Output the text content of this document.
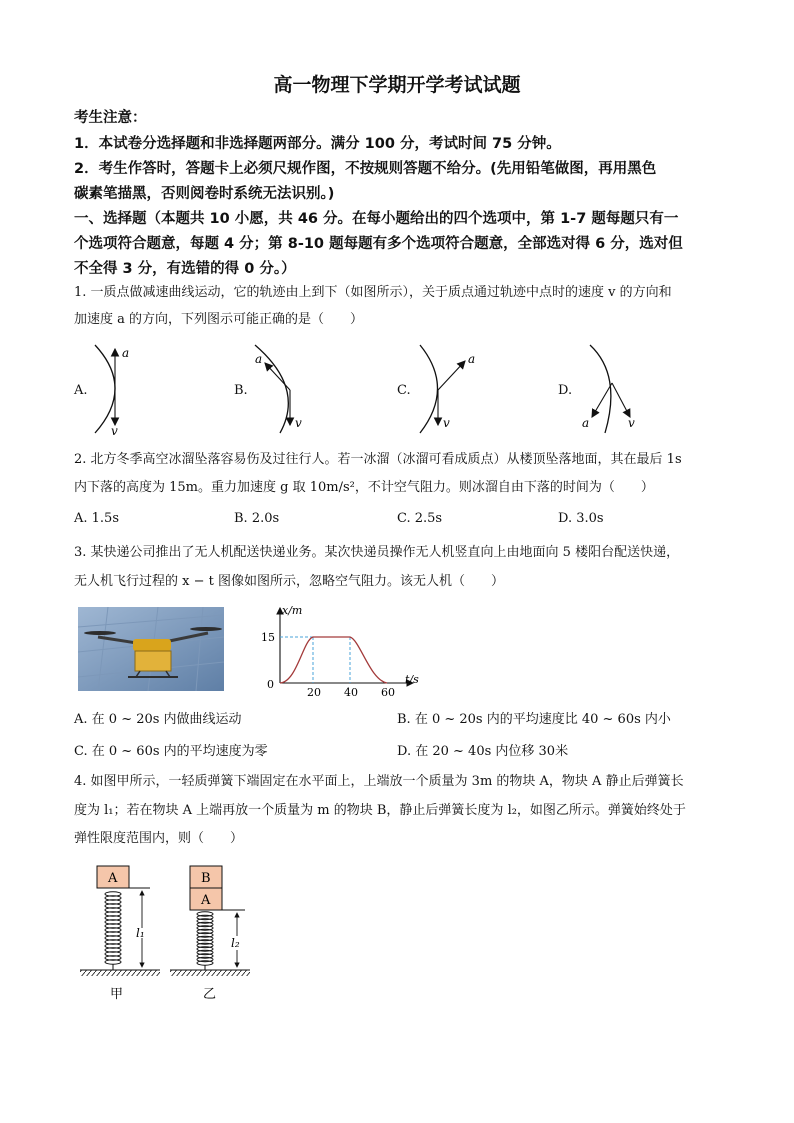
高一物理下学期开学考试试题
考生注意：
1．本试卷分选择题和非选择题两部分。满分 100 分，考试时间 75 分钟。
2．考生作答时，答题卡上必须尺规作图，不按规则答题不给分。(先用铅笔做图，再用黑色
碳素笔描黑，否则阅卷时系统无法识别。)
一、选择题（本题共 10 小愿，共 46 分。在每小题给出的四个选项中，第 1-7 题每题只有一
个选项符合题意，每题 4 分；第 8-10 题每题有多个选项符合题意，全部选对得 6 分，选对但
不全得 3 分，有选错的得 0 分。）
1. 一质点做减速曲线运动，它的轨迹由上到下（如图所示），关于质点通过轨迹中点时的速度 v 的方向和
加速度 a 的方向，下列图示可能正确的是（　　）
A.	B.	C.	D.
a
v
a
v
a
v	a	v
2. 北方冬季高空冰溜坠落容易伤及过往行人。若一冰溜（冰溜可看成质点）从楼顶坠落地面，其在最后 1s
内下落的高度为 15m。重力加速度 g 取 10m/s²，不计空气阻力。则冰溜自由下落的时间为（　　）
A. 1.5s	B. 2.0s	C. 2.5s	D. 3.0s
3. 某快递公司推出了无人机配送快递业务。某次快递员操作无人机竖直向上由地面向 5 楼阳台配送快递，
无人机飞行过程的 x − t 图像如图所示，忽略空气阻力。该无人机（　　）
x/m
t/s
15
0
20 40 60
A. 在 0 ~ 20s 内做曲线运动	B. 在 0 ~ 20s 内的平均速度比 40 ~ 60s 内小
C. 在 0 ~ 60s 内的平均速度为零	D. 在 20 ~ 40s 内位移 30米
4. 如图甲所示，一轻质弹簧下端固定在水平面上，上端放一个质量为 3m 的物块 A，物块 A 静止后弹簧长
度为 l₁；若在物块 A 上端再放一个质量为 m 的物块 B，静止后弹簧长度为 l₂，如图乙所示。弹簧始终处于
弹性限度范围内，则（　　）
A
l₁
甲
B
A
l₂
乙
